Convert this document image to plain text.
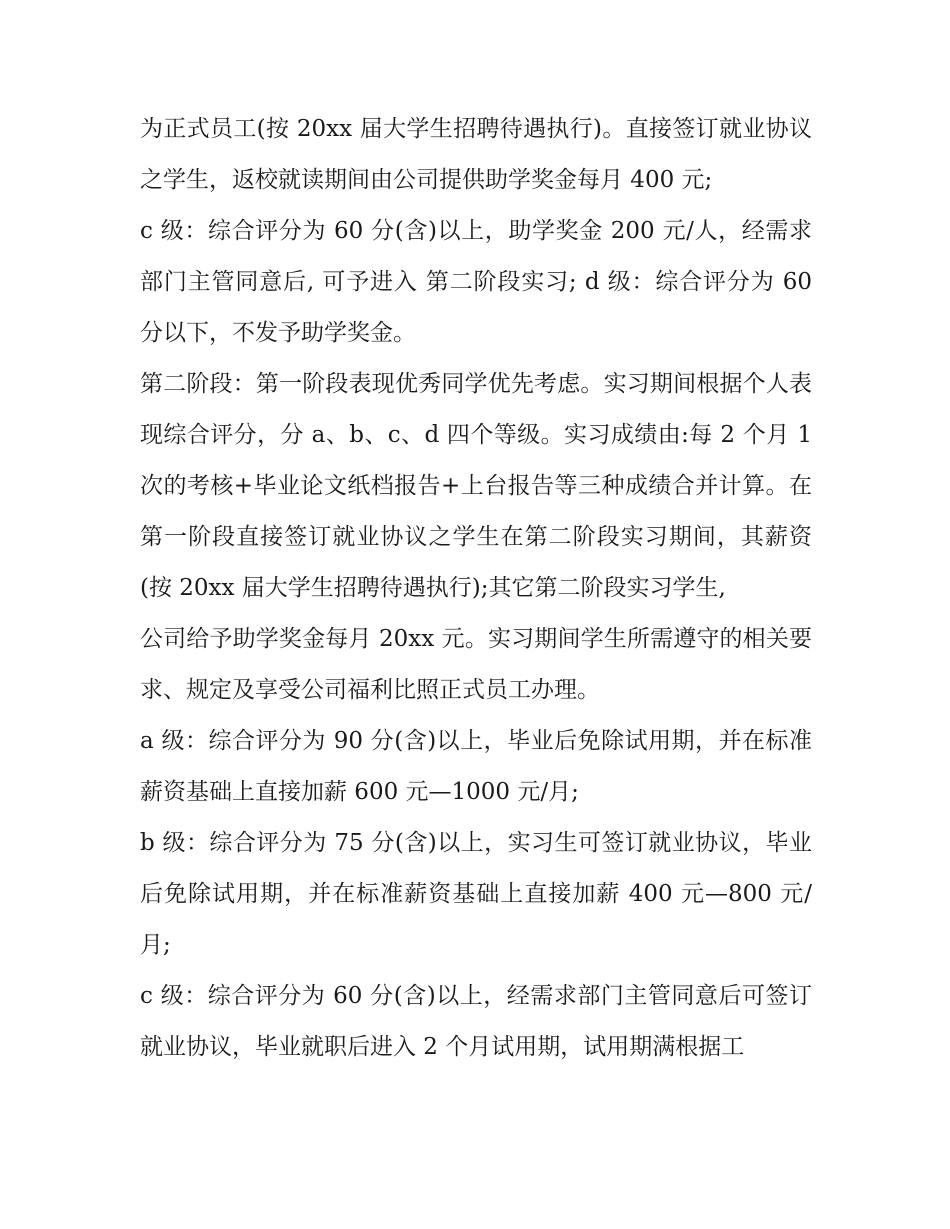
为正式员工(按 20xx 届大学生招聘待遇执行)。直接签订就业协议之学生，返校就读期间由公司提供助学奖金每月 400 元;

c 级：综合评分为 60 分(含)以上，助学奖金 200 元/人，经需求部门主管同意后, 可予进入 第二阶段实习; d 级：综合评分为 60 分以下，不发予助学奖金。

第二阶段：第一阶段表现优秀同学优先考虑。实习期间根据个人表现综合评分，分 a、b、c、d 四个等级。实习成绩由:每 2 个月 1 次的考核+毕业论文纸档报告+上台报告等三种成绩合并计算。在第一阶段直接签订就业协议之学生在第二阶段实习期间，其薪资(按 20xx 届大学生招聘待遇执行);其它第二阶段实习学生,

公司给予助学奖金每月 20xx 元。实习期间学生所需遵守的相关要求、规定及享受公司福利比照正式员工办理。

a 级：综合评分为 90 分(含)以上，毕业后免除试用期，并在标准薪资基础上直接加薪 600 元—1000 元/月;

b 级：综合评分为 75 分(含)以上，实习生可签订就业协议，毕业后免除试用期，并在标准薪资基础上直接加薪 400 元—800 元/月;

c 级：综合评分为 60 分(含)以上，经需求部门主管同意后可签订就业协议，毕业就职后进入 2 个月试用期，试用期满根据工
